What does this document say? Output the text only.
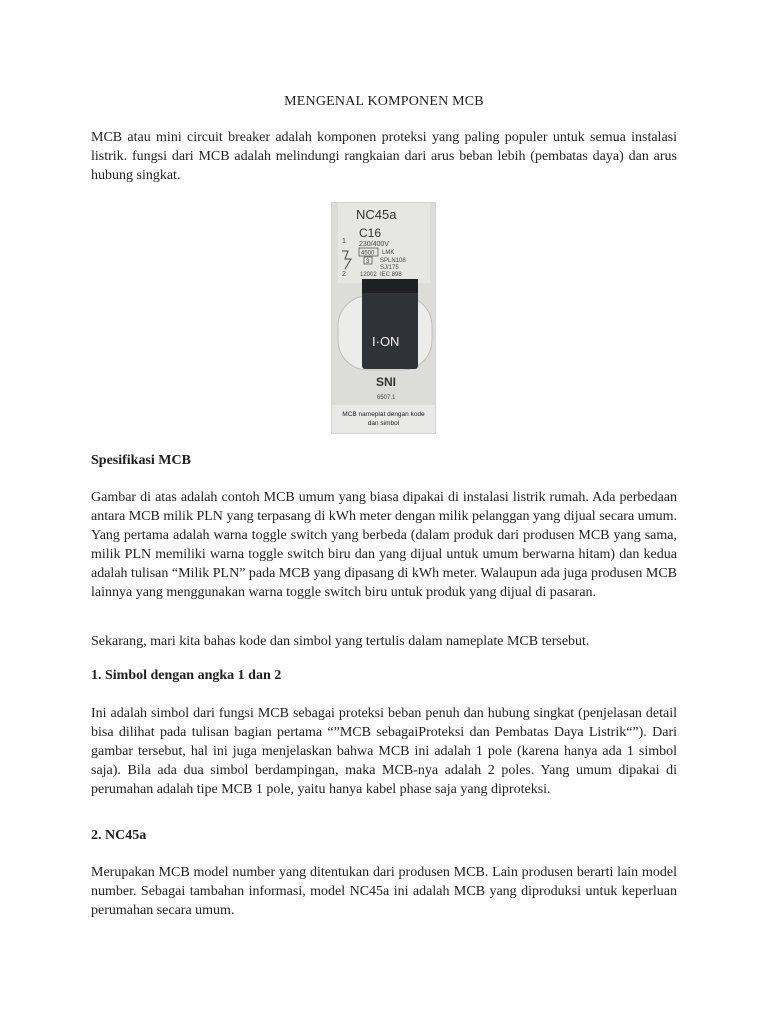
MENGENAL KOMPONEN MCB

MCB atau mini circuit breaker adalah komponen proteksi yang paling populer untuk semua instalasi listrik. fungsi dari MCB adalah melindungi rangkaian dari arus beban lebih (pembatas daya) dan arus hubung singkat.

NC45a
C16
230/400V
4500
3
LMK
SPLN108
SJ/175
IEC 898
12002
1
2
I·ON
SNI
6507.1
MCB nameplat dengan kode
dan simbol
Spesifikasi MCB

Gambar di atas adalah contoh MCB umum yang biasa dipakai di instalasi listrik rumah. Ada perbedaan antara MCB milik PLN yang terpasang di kWh meter dengan milik pelanggan yang dijual secara umum. Yang pertama adalah warna toggle switch yang berbeda (dalam produk dari produsen MCB yang sama, milik PLN memiliki warna toggle switch biru dan yang dijual untuk umum berwarna hitam) dan kedua adalah tulisan “Milik PLN” pada MCB yang dipasang di kWh meter. Walaupun ada juga produsen MCB lainnya yang menggunakan warna toggle switch biru untuk produk yang dijual di pasaran.

Sekarang, mari kita bahas kode dan simbol yang tertulis dalam nameplate MCB tersebut.

1. Simbol dengan angka 1 dan 2

Ini adalah simbol dari fungsi MCB sebagai proteksi beban penuh dan hubung singkat (penjelasan detail bisa dilihat pada tulisan bagian pertama “”MCB sebagaiProteksi dan Pembatas Daya Listrik“”). Dari gambar tersebut, hal ini juga menjelaskan bahwa MCB ini adalah 1 pole (karena hanya ada 1 simbol saja). Bila ada dua simbol berdampingan, maka MCB-nya adalah 2 poles. Yang umum dipakai di perumahan adalah tipe MCB 1 pole, yaitu hanya kabel phase saja yang diproteksi.

2. NC45a

Merupakan MCB model number yang ditentukan dari produsen MCB. Lain produsen berarti lain model number. Sebagai tambahan informasi, model NC45a ini adalah MCB yang diproduksi untuk keperluan perumahan secara umum.
